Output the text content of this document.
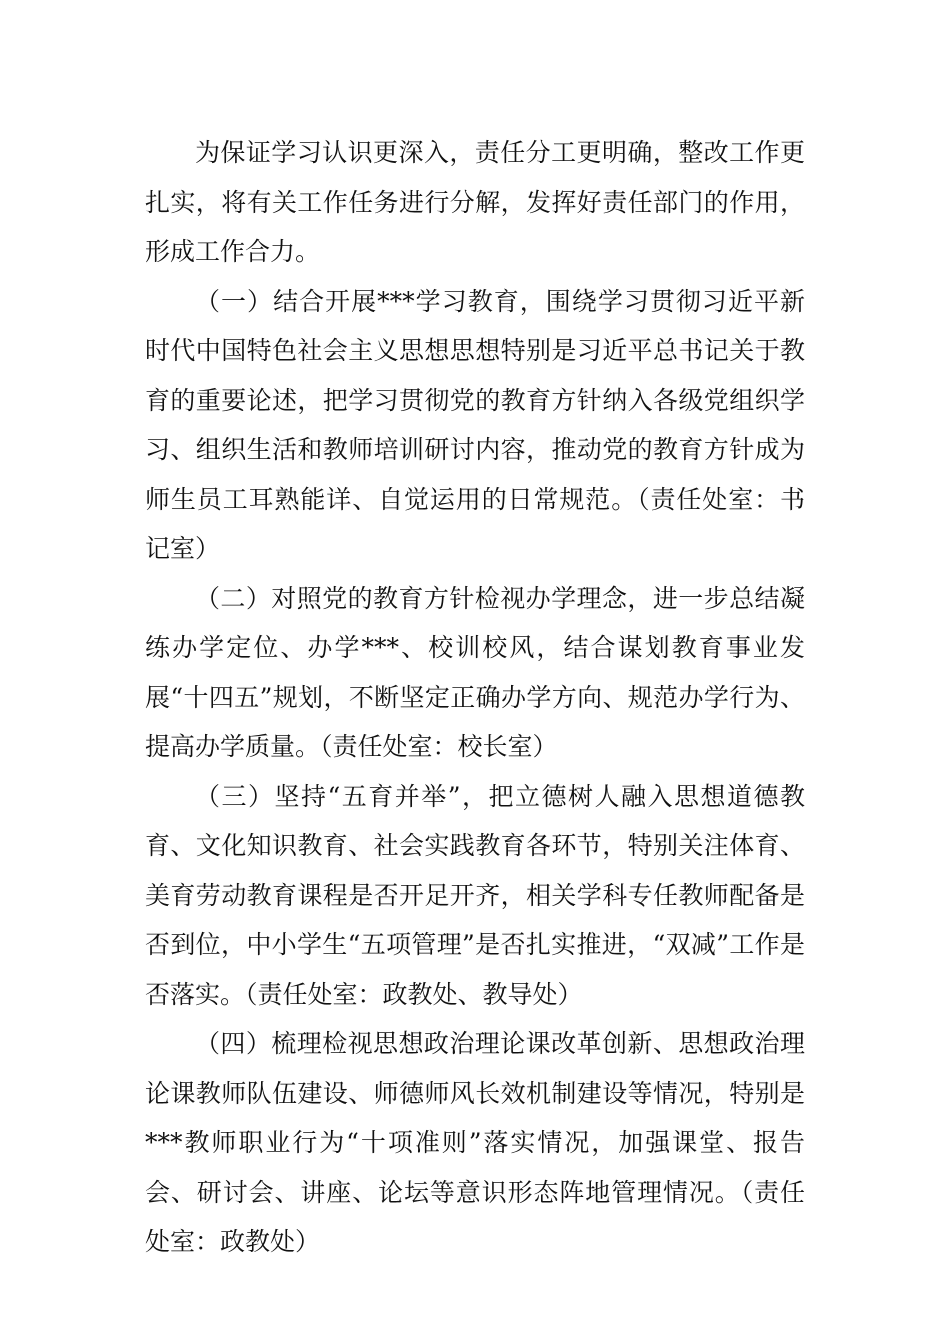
为保证学习认识更深入，责任分工更明确，整改工作更扎实，将有关工作任务进行分解，发挥好责任部门的作用，形成工作合力。

（一）结合开展***学习教育，围绕学习贯彻习近平新时代中国特色社会主义思想思想特别是习近平总书记关于教育的重要论述，把学习贯彻党的教育方针纳入各级党组织学习、组织生活和教师培训研讨内容，推动党的教育方针成为师生员工耳熟能详、自觉运用的日常规范。（责任处室：书记室）

（二）对照党的教育方针检视办学理念，进一步总结凝练办学定位、办学***、校训校风，结合谋划教育事业发展“十四五”规划，不断坚定正确办学方向、规范办学行为、提高办学质量。（责任处室：校长室）

（三）坚持“五育并举”，把立德树人融入思想道德教育、文化知识教育、社会实践教育各环节，特别关注体育、美育劳动教育课程是否开足开齐，相关学科专任教师配备是否到位，中小学生“五项管理”是否扎实推进，“双减”工作是否落实。（责任处室：政教处、教导处）

（四）梳理检视思想政治理论课改革创新、思想政治理论课教师队伍建设、师德师风长效机制建设等情况，特别是***教师职业行为“十项准则”落实情况，加强课堂、报告会、研讨会、讲座、论坛等意识形态阵地管理情况。（责任处室：政教处）
